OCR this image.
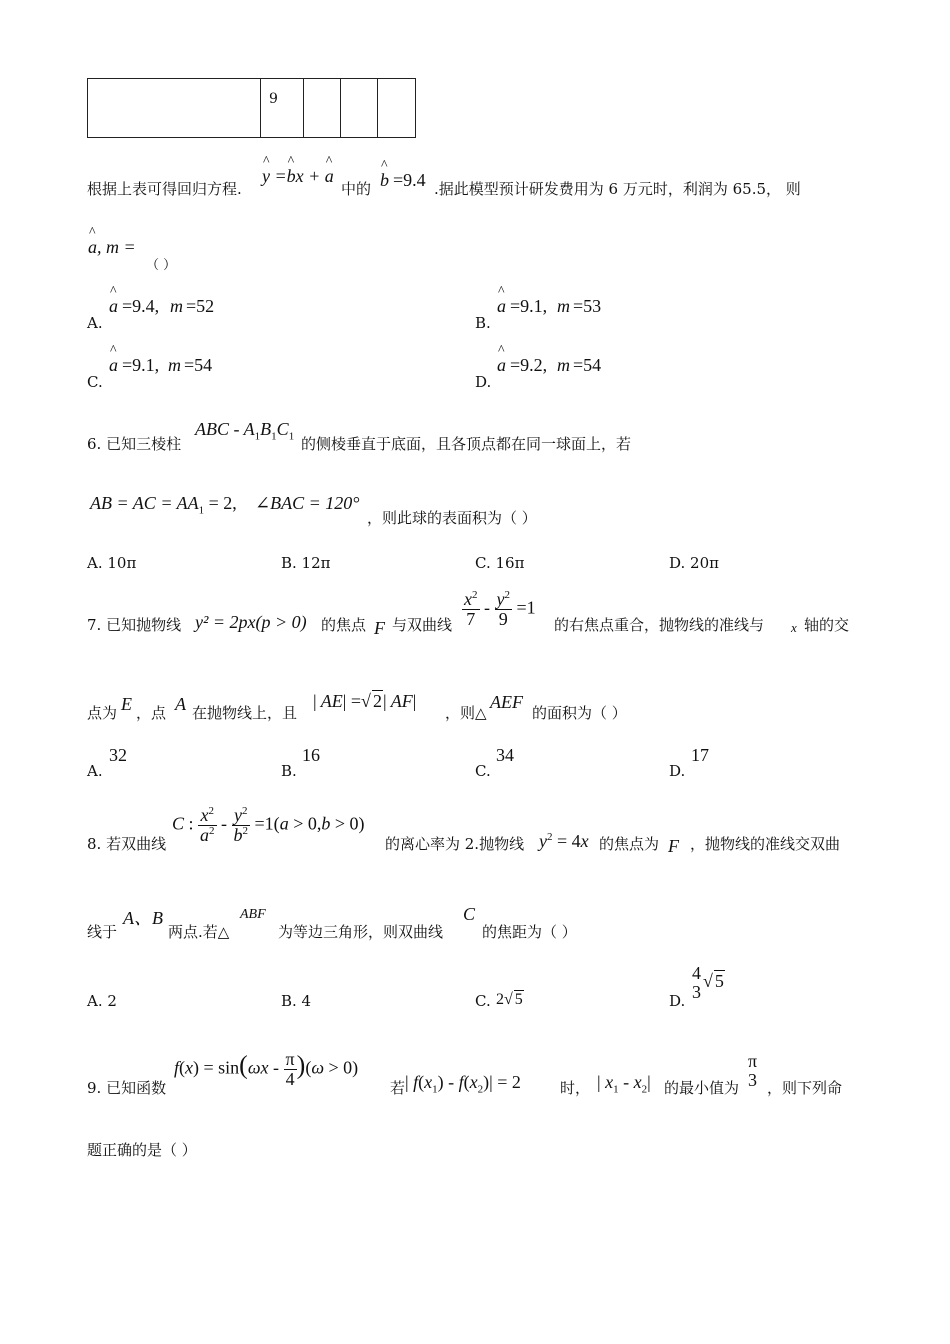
	9			
根据上表可得回归方程.
^ y =^ bx + ^ a
中的
^ b =9.4 .据此模型预计研发费用为 6 万元时，利润为 65.5， 则
^ a, m =
（ ）
A.
^ a =9.4, m =52
B.
^ a =9.1, m =53
C.
^ a =9.1, m =54
D.
^ a =9.2, m =54
6. 已知三棱柱
ABC - $A_1B_1C_1$ 的侧棱垂直于底面，且各顶点都在同一球面上，若
AB = AC = $AA_1 = 2$, ∠BAC = 120°
，则此球的表面积为（ ）
A. 10π	B. 12π	C. 16π	D. 20π
7. 已知抛物线 y² = 2px(p > 0) 的焦点 F 与双曲线 $\frac{x^2}{7} - \frac{y^2}{9} =1$
的右焦点重合，抛物线的准线与 x 轴的交
点为 E ，点 A 在抛物线上，且
| AE| =√ 2| AF|
，则△
AEF
的面积为（ ）
A.
32
B.
16
C.
34
D.
17
8. 若双曲线
C : $\frac{x^2}{a^2} - \frac{y^2}{b^2} =1(a > 0,b > 0)$
的离心率为 2.抛物线 $y^2 = 4x$ 的焦点为 F ，抛物线的准线交双曲
线于
A、B
两点.若△
ABF
为等边三角形，则双曲线
C
的焦距为（ ）
A. 2	B. 4	C. 2√ 5	D.
4
3
√ 5
9. 已知函数
$f(x) = \sin(\omega x - \frac{\pi}{4} )(\omega > 0)$
若 | $f(x_1) - f(x_2)| = 2$	时， | $x_1 - x_2|$ 的最小值为
π
3 ，则下列命
题正确的是（ ）
